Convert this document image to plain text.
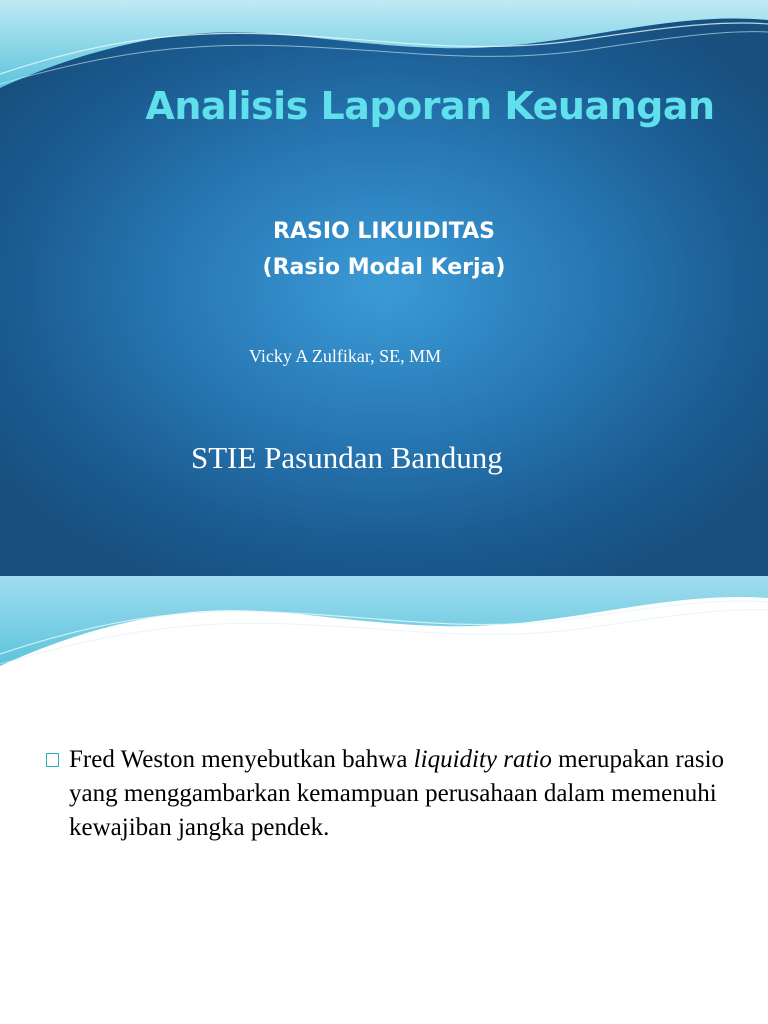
Analisis Laporan Keuangan
RASIO LIKUIDITAS
(Rasio Modal Kerja)
Vicky A Zulfikar, SE, MM
STIE Pasundan Bandung
Fred Weston menyebutkan bahwa liquidity ratio merupakan rasio yang menggambarkan kemampuan perusahaan dalam memenuhi kewajiban jangka pendek.
